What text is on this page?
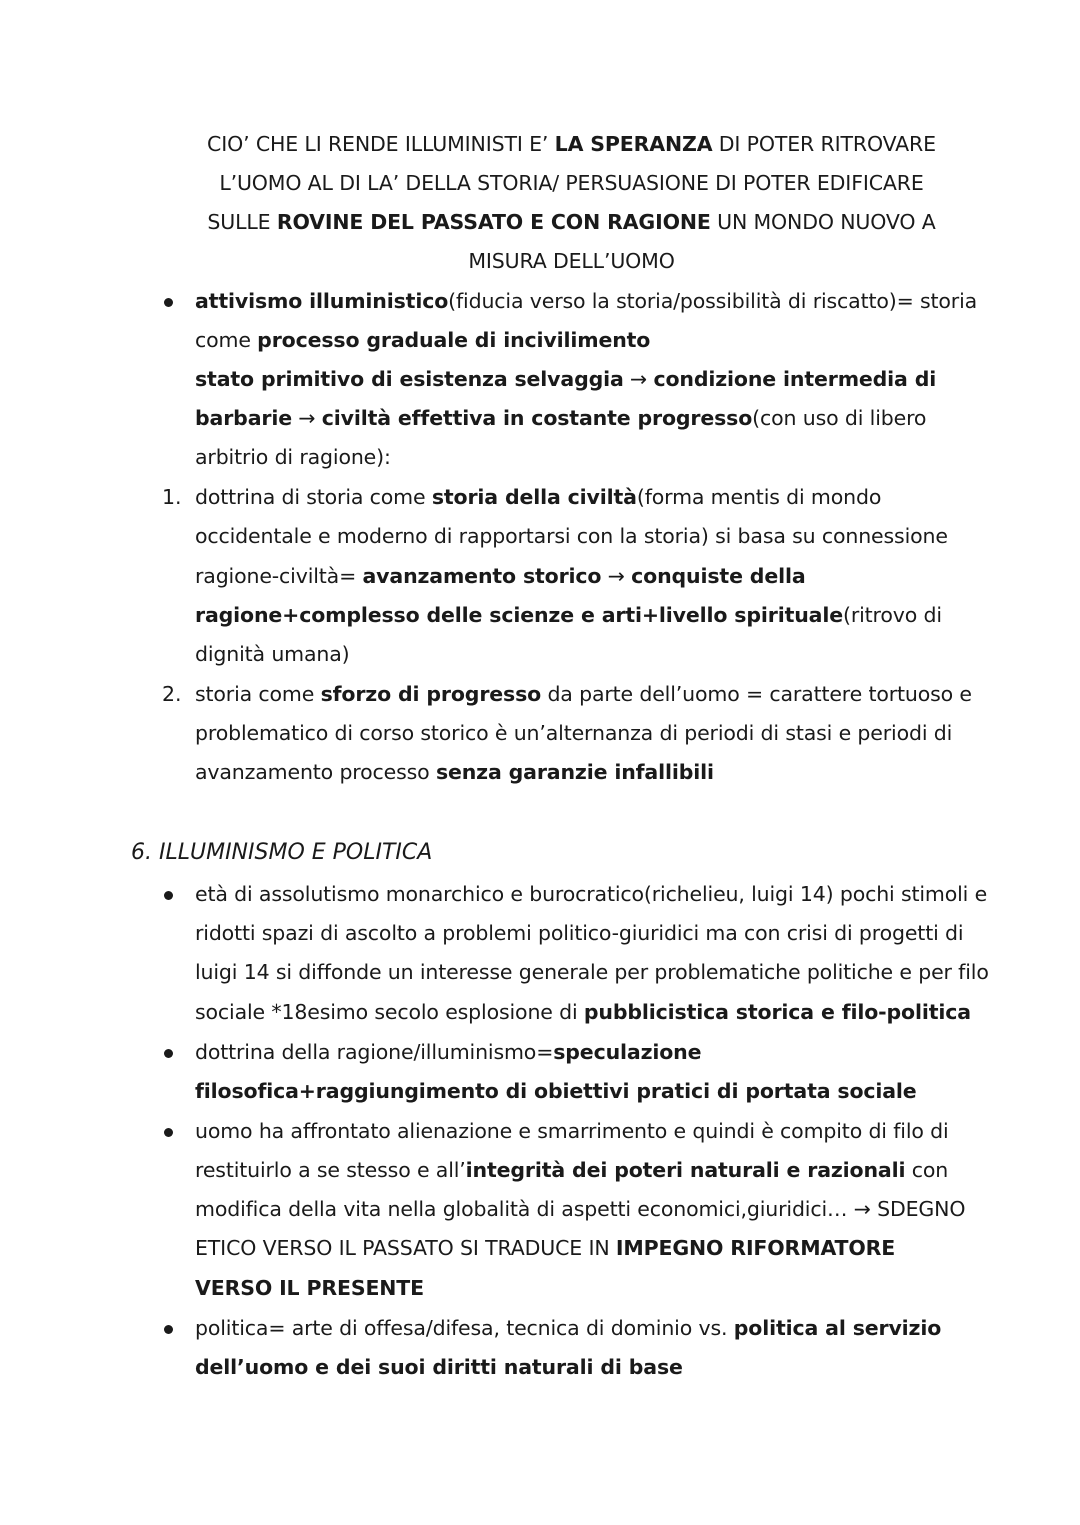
CIO’ CHE LI RENDE ILLUMINISTI E’ LA SPERANZA DI POTER RITROVARE
L’UOMO AL DI LA’ DELLA STORIA/ PERSUASIONE DI POTER EDIFICARE
SULLE ROVINE DEL PASSATO E CON RAGIONE UN MONDO NUOVO A
MISURA DELL’UOMO
attivismo illuministico(fiducia verso la storia/possibilità di riscatto)= storia
come processo graduale di incivilimento
stato primitivo di esistenza selvaggia → condizione intermedia di
barbarie → civiltà effettiva in costante progresso(con uso di libero
arbitrio di ragione):
1. dottrina di storia come storia della civiltà(forma mentis di mondo
occidentale e moderno di rapportarsi con la storia) si basa su connessione
ragione-civiltà= avanzamento storico → conquiste della
ragione+complesso delle scienze e arti+livello spirituale(ritrovo di
dignità umana)
2. storia come sforzo di progresso da parte dell’uomo = carattere tortuoso e
problematico di corso storico è un’alternanza di periodi di stasi e periodi di
avanzamento processo senza garanzie infallibili
6. ILLUMINISMO E POLITICA
età di assolutismo monarchico e burocratico(richelieu, luigi 14) pochi stimoli e
ridotti spazi di ascolto a problemi politico-giuridici ma con crisi di progetti di
luigi 14 si diffonde un interesse generale per problematiche politiche e per filo
sociale *18esimo secolo esplosione di pubblicistica storica e filo-politica
dottrina della ragione/illuminismo=speculazione
filosofica+raggiungimento di obiettivi pratici di portata sociale
uomo ha affrontato alienazione e smarrimento e quindi è compito di filo di
restituirlo a se stesso e all’integrità dei poteri naturali e razionali con
modifica della vita nella globalità di aspetti economici,giuridici… → SDEGNO
ETICO VERSO IL PASSATO SI TRADUCE IN IMPEGNO RIFORMATORE
VERSO IL PRESENTE
politica= arte di offesa/difesa, tecnica di dominio vs. politica al servizio
dell’uomo e dei suoi diritti naturali di base
